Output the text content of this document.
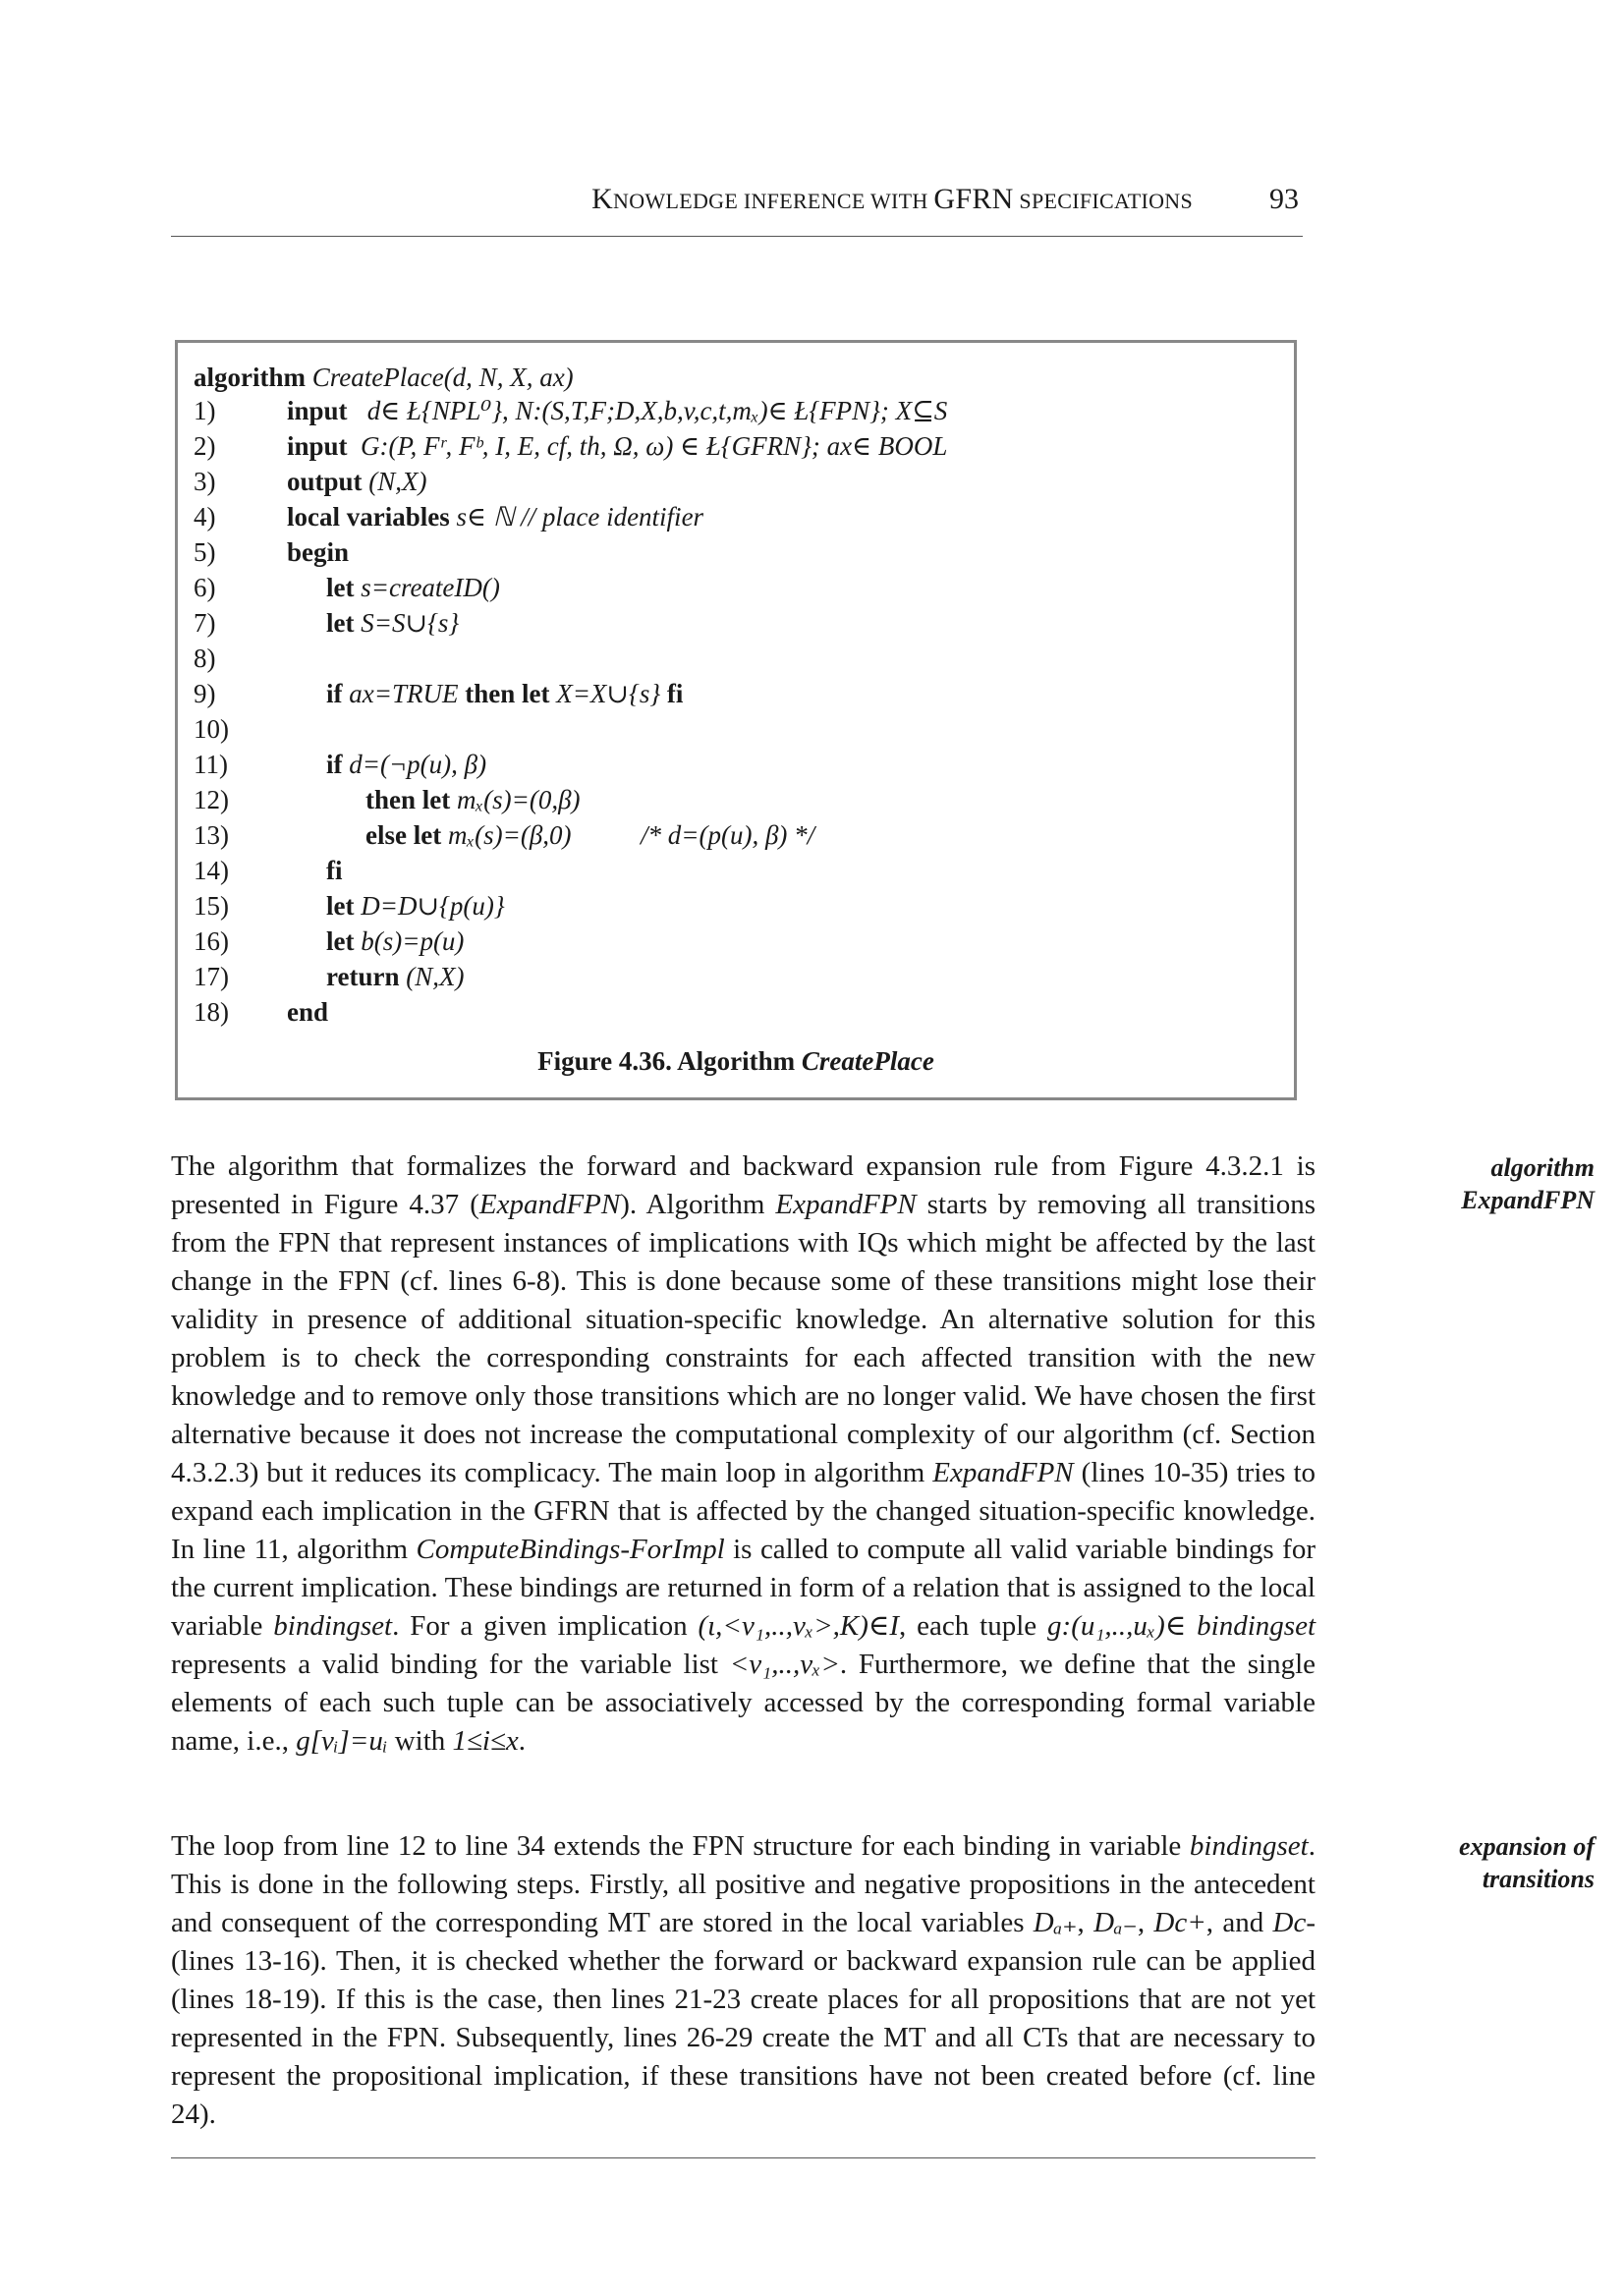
KNOWLEDGE INFERENCE WITH GFRN SPECIFICATIONS	93
algorithm CreatePlace(d, N, X, ax)
1)	input d∈ Ł{NPL⁰}, N:(S,T,F;D,X,b,v,c,t,mₓ)∈ Ł{FPN}; X⊆S
2)	input G:(P, Fʳ, Fᵇ, I, E, cf, th, Ω, ω) ∈ Ł{GFRN}; ax∈ BOOL
3)	output (N,X)
4)	local variables s∈ ℕ // place identifier
5)	begin
6)	let s=createID()
7)	let S=S∪{s}
8)
9)	if ax=TRUE then let X=X∪{s} fi
10)
11)	if d=(¬p(u), β)
12)	then let mₓ(s)=(0,β)
13)	else let mₓ(s)=(β,0)	/* d=(p(u), β) */
14)	fi
15)	let D=D∪{p(u)}
16)	let b(s)=p(u)
17)	return (N,X)
18)	end
Figure 4.36. Algorithm CreatePlace

The algorithm that formalizes the forward and backward expansion rule from Figure 4.3.2.1 is presented in Figure 4.37 (ExpandFPN). Algorithm ExpandFPN starts by removing all transitions from the FPN that represent instances of implications with IQs which might be affected by the last change in the FPN (cf. lines 6-8). This is done because some of these transitions might lose their validity in presence of additional situation-specific knowledge. An alternative solution for this problem is to check the corresponding constraints for each affected transition with the new knowledge and to remove only those transitions which are no longer valid. We have chosen the first alternative because it does not increase the computational complexity of our algorithm (cf. Section 4.3.2.3) but it reduces its complicacy. The main loop in algorithm ExpandFPN (lines 10-35) tries to expand each implication in the GFRN that is affected by the changed situation-specific knowledge. In line 11, algorithm ComputeBindings-ForImpl is called to compute all valid variable bindings for the current implication. These bindings are returned in form of a relation that is assigned to the local variable bindingset. For a given implication (ι,<v₁,..,vₓ>,K)∈I, each tuple g:(u₁,..,uₓ)∈ bindingset represents a valid binding for the variable list <v₁,..,vₓ>. Furthermore, we define that the single elements of each such tuple can be associatively accessed by the corresponding formal variable name, i.e., g[vᵢ]=uᵢ with 1≤i≤x.

The loop from line 12 to line 34 extends the FPN structure for each binding in variable bindingset. This is done in the following steps. Firstly, all positive and negative propositions in the antecedent and consequent of the corresponding MT are stored in the local variables Dₐ₊, Dₐ₋, Dc+, and Dc- (lines 13-16). Then, it is checked whether the forward or backward expansion rule can be applied (lines 18-19). If this is the case, then lines 21-23 create places for all propositions that are not yet represented in the FPN. Subsequently, lines 26-29 create the MT and all CTs that are necessary to represent the propositional implication, if these transitions have not been created before (cf. line 24).

algorithm
ExpandFPN
expansion of
transitions
